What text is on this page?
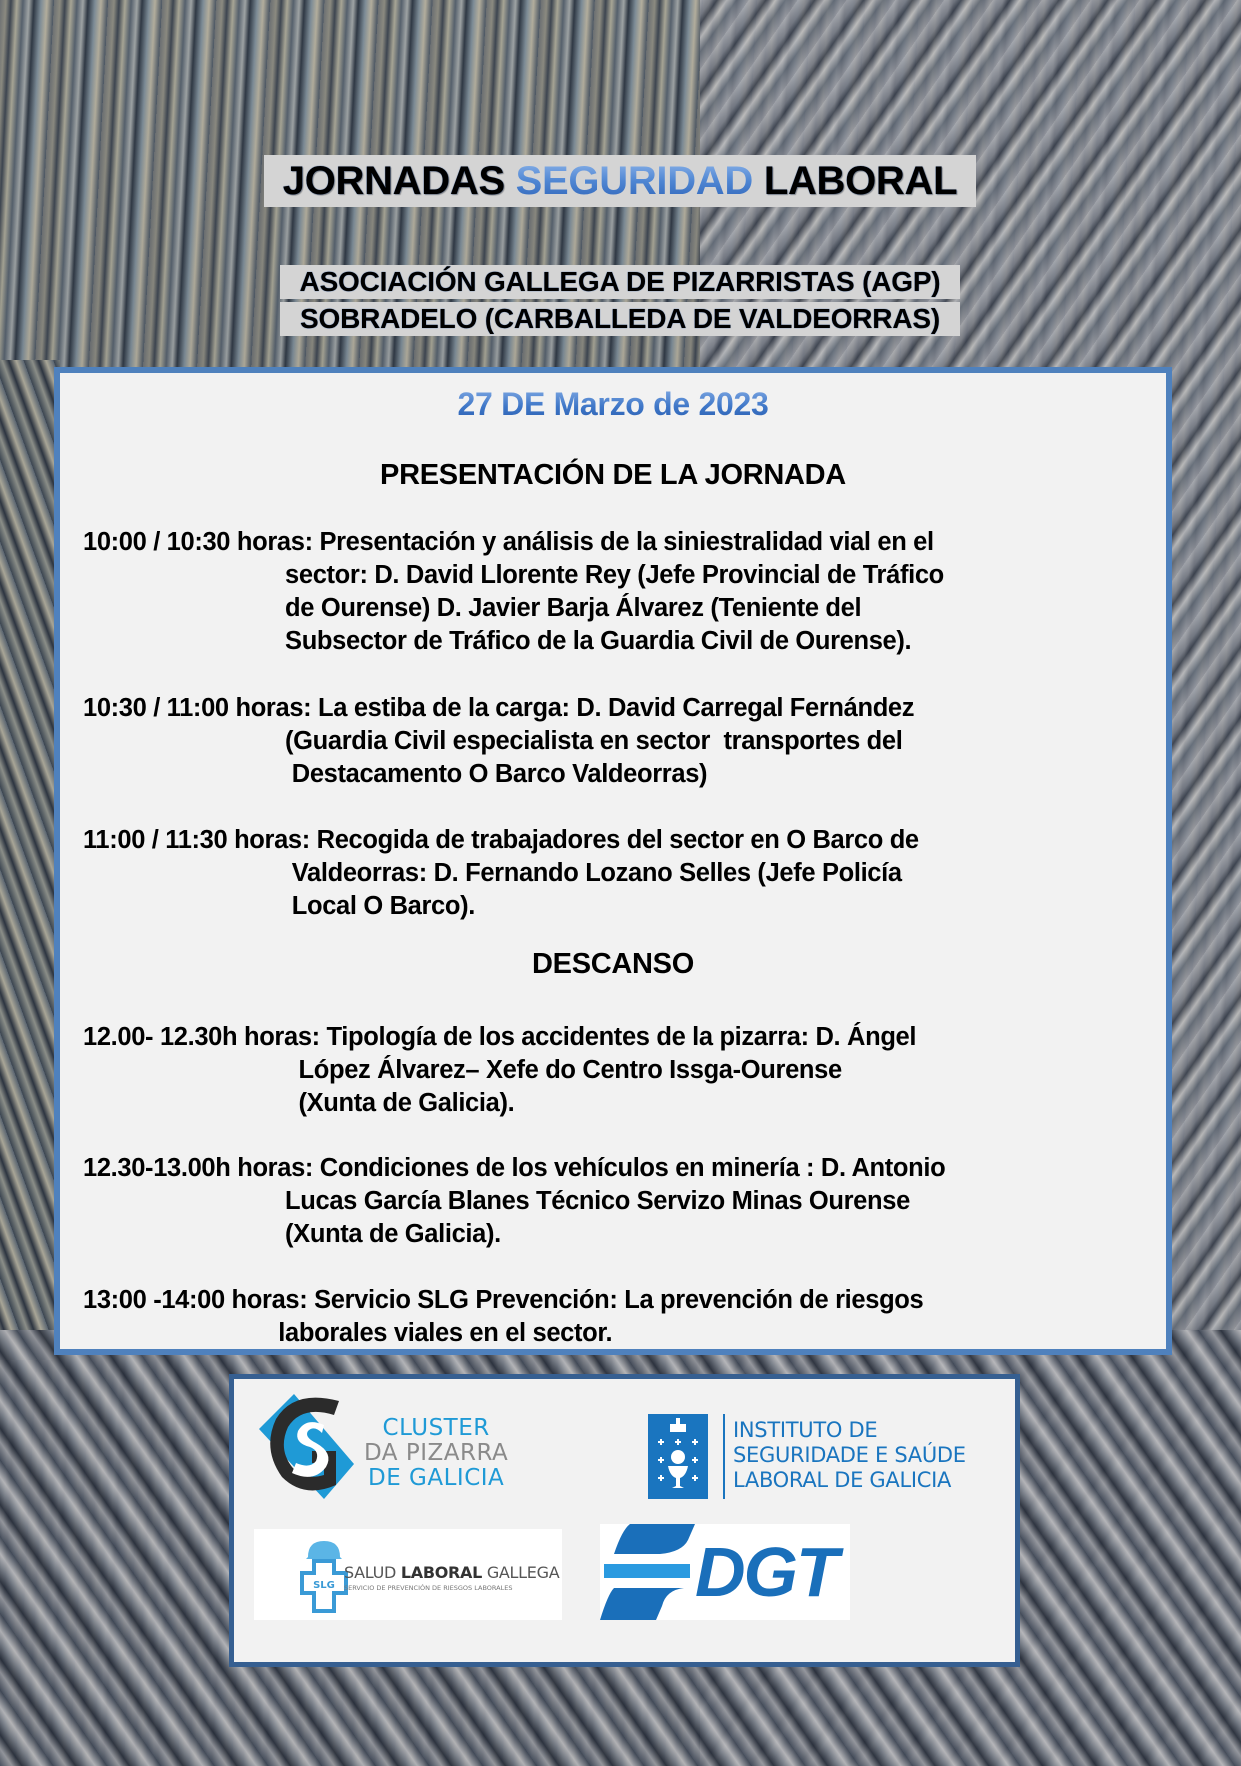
JORNADAS SEGURIDAD LABORAL
ASOCIACIÓN GALLEGA DE PIZARRISTAS (AGP)
SOBRADELO (CARBALLEDA DE VALDEORRAS)
27 DE Marzo de 2023
PRESENTACIÓN DE LA JORNADA
10:00 / 10:30 horas: Presentación y análisis de la siniestralidad vial en el
sector: D. David Llorente Rey (Jefe Provincial de Tráfico
de Ourense) D. Javier Barja Álvarez (Teniente del
Subsector de Tráfico de la Guardia Civil de Ourense).
10:30 / 11:00 horas: La estiba de la carga: D. David Carregal Fernández
(Guardia Civil especialista en sector  transportes del
Destacamento O Barco Valdeorras)
11:00 / 11:30 horas: Recogida de trabajadores del sector en O Barco de
Valdeorras: D. Fernando Lozano Selles (Jefe Policía
Local O Barco).
DESCANSO
12.00- 12.30h horas: Tipología de los accidentes de la pizarra: D. Ángel
López Álvarez– Xefe do Centro Issga-Ourense
(Xunta de Galicia).
12.30-13.00h horas: Condiciones de los vehículos en minería : D. Antonio
Lucas García Blanes Técnico Servizo Minas Ourense
(Xunta de Galicia).
13:00 -14:00 horas: Servicio SLG Prevención: La prevención de riesgos
laborales viales en el sector.
CLUSTER
DA PIZARRA
DE GALICIA
INSTITUTO DE
SEGURIDADE E SAÚDE
LABORAL DE GALICIA
SLG
SALUD LABORAL GALLEGA
SERVICIO DE PREVENCIÓN DE RIESGOS LABORALES	DGT
